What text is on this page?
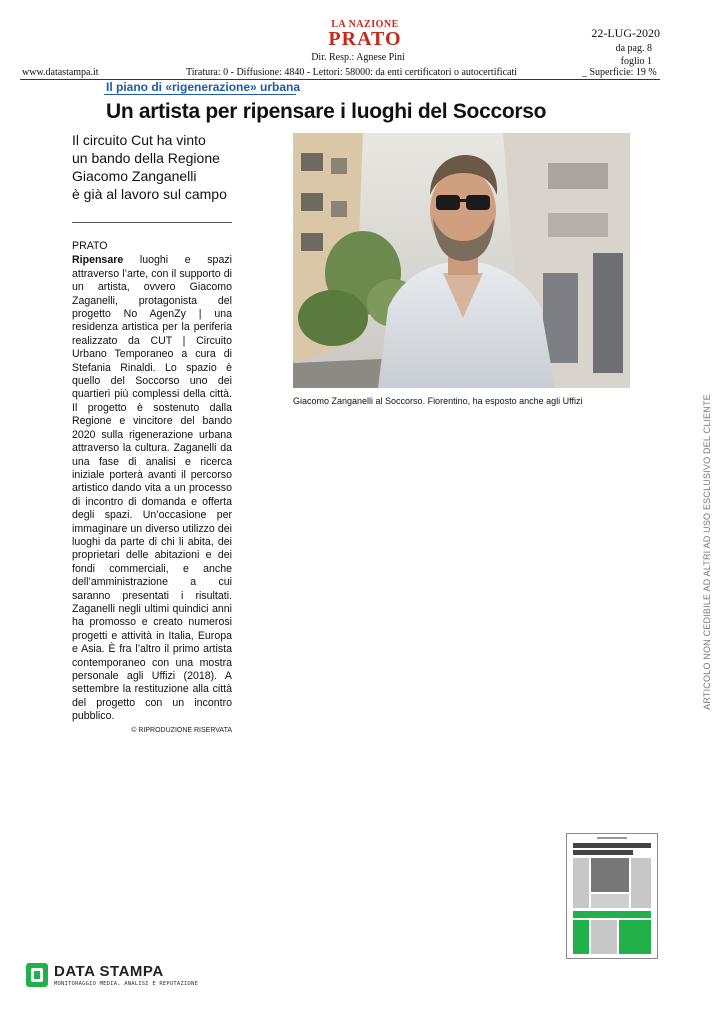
LA NAZIONE
PRATO
Dir. Resp.: Agnese Pini
22-LUG-2020
da pag. 8
foglio 1
www.datastampa.it	Tiratura: 0 - Diffusione: 4840 - Lettori: 58000: da enti certificatori o autocertificati	_ Superficie: 19 %
Il piano di «rigenerazione» urbana
Un artista per ripensare i luoghi del Soccorso
Il circuito Cut ha vinto
un bando della Regione
Giacomo Zanganelli
è già al lavoro sul campo
PRATO

Ripensare luoghi e spazi attraverso l’arte, con il supporto di un artista, ovvero Giacomo Zaganelli, protagonista del progetto No AgenZy | una residenza artistica per la periferia realizzato da CUT | Circuito Urbano Temporaneo a cura di Stefania Rinaldi. Lo spazio è quello del Soccorso uno dei quartieri più complessi della città. Il progetto è sostenuto dalla Regione e vincitore del bando 2020 sulla rigenerazione urbana attraverso la cultura. Zaganelli da una fase di analisi e ricerca iniziale porterà avanti il percorso artistico dando vita a un processo di incontro di domanda e offerta degli spazi. Un’occasione per immaginare un diverso utilizzo dei luoghi da parte di chi li abita, dei proprietari delle abitazioni e dei fondi commerciali, e anche dell’amministrazione a cui saranno presentati i risultati. Zaganelli negli ultimi quindici anni ha promosso e creato numerosi progetti e attività in Italia, Europa e Asia. È fra l’altro il primo artista contemporaneo con una mostra personale agli Uffizi (2018). A settembre la restituzione alla città del progetto con un incontro pubblico.

© RIPRODUZIONE RISERVATA
Giacomo Zanganelli al Soccorso. Fiorentino, ha esposto anche agli Uffizi	ARTICOLO NON CEDIBILE AD ALTRI AD USO ESCLUSIVO DEL CLIENTE
DATA STAMPA
MONITORAGGIO MEDIA, ANALISI E REPUTAZIONE
